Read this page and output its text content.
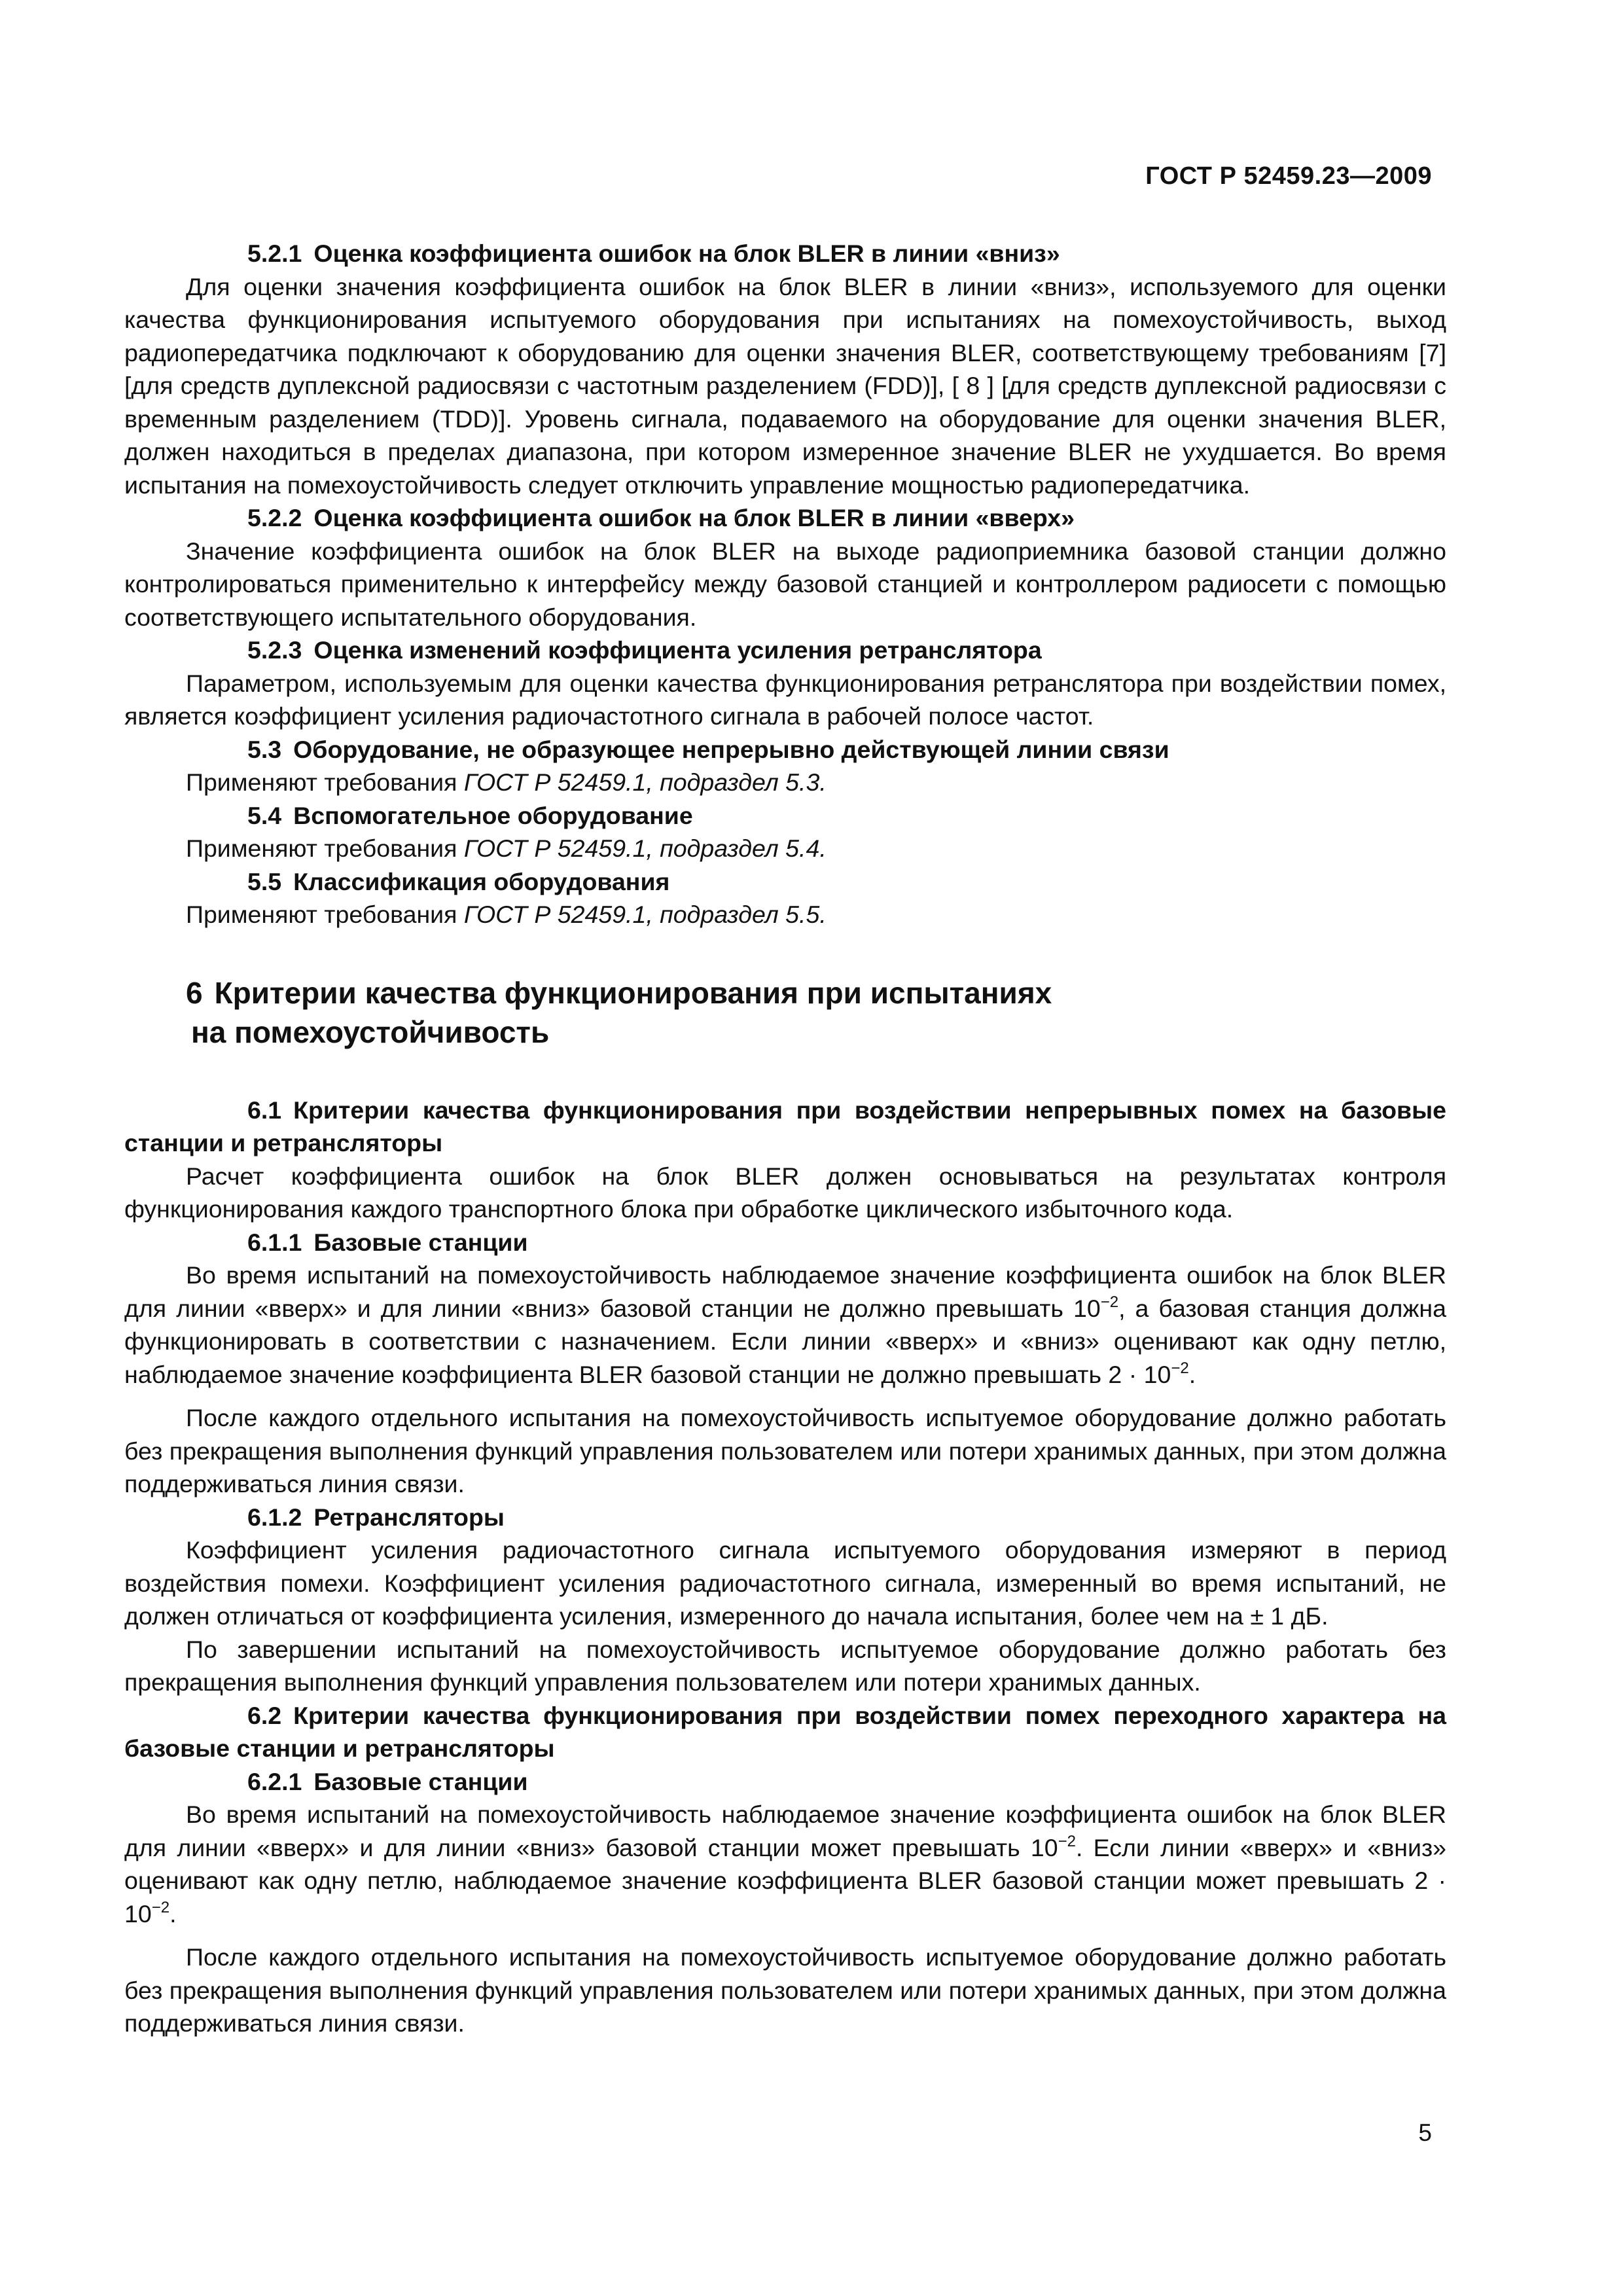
ГОСТ Р 52459.23—2009

5.2.1 Оценка коэффициента ошибок на блок BLER в линии «вниз»

Для оценки значения коэффициента ошибок на блок BLER в линии «вниз», используемого для оценки качества функционирования испытуемого оборудования при испытаниях на помехоустойчивость, выход радиопередатчика подключают к оборудованию для оценки значения BLER, соответствующему требованиям [7] [для средств дуплексной радиосвязи с частотным разделением (FDD)], [ 8 ] [для средств дуплексной радиосвязи с временным разделением (TDD)]. Уровень сигнала, подаваемого на оборудование для оценки значения BLER, должен находиться в пределах диапазона, при котором измеренное значение BLER не ухудшается. Во время испытания на помехоустойчивость следует отключить управление мощностью радиопередатчика.

5.2.2 Оценка коэффициента ошибок на блок BLER в линии «вверх»

Значение коэффициента ошибок на блок BLER на выходе радиоприемника базовой станции должно контролироваться применительно к интерфейсу между базовой станцией и контроллером радиосети с помощью соответствующего испытательного оборудования.

5.2.3 Оценка изменений коэффициента усиления ретранслятора

Параметром, используемым для оценки качества функционирования ретранслятора при воздействии помех, является коэффициент усиления радиочастотного сигнала в рабочей полосе частот.

5.3 Оборудование, не образующее непрерывно действующей линии связи

Применяют требования ГОСТ Р 52459.1, подраздел 5.3.

5.4 Вспомогательное оборудование

Применяют требования ГОСТ Р 52459.1, подраздел 5.4.

5.5 Классификация оборудования

Применяют требования ГОСТ Р 52459.1, подраздел 5.5.

6 Критерии качества функционирования при испытаниях
на помехоустойчивость

6.1 Критерии качества функционирования при воздействии непрерывных помех на базовые станции и ретрансляторы

Расчет коэффициента ошибок на блок BLER должен основываться на результатах контроля функционирования каждого транспортного блока при обработке циклического избыточного кода.

6.1.1 Базовые станции

Во время испытаний на помехоустойчивость наблюдаемое значение коэффициента ошибок на блок BLER для линии «вверх» и для линии «вниз» базовой станции не должно превышать $10^{-2}$, а базовая станция должна функционировать в соответствии с назначением. Если линии «вверх» и «вниз» оценивают как одну петлю, наблюдаемое значение коэффициента BLER базовой станции не должно превышать $2 \cdot 10^{-2}$.

После каждого отдельного испытания на помехоустойчивость испытуемое оборудование должно работать без прекращения выполнения функций управления пользователем или потери хранимых данных, при этом должна поддерживаться линия связи.

6.1.2 Ретрансляторы

Коэффициент усиления радиочастотного сигнала испытуемого оборудования измеряют в период воздействия помехи. Коэффициент усиления радиочастотного сигнала, измеренный во время испытаний, не должен отличаться от коэффициента усиления, измеренного до начала испытания, более чем на ± 1 дБ.

По завершении испытаний на помехоустойчивость испытуемое оборудование должно работать без прекращения выполнения функций управления пользователем или потери хранимых данных.

6.2 Критерии качества функционирования при воздействии помех переходного характера на базовые станции и ретрансляторы

6.2.1 Базовые станции

Во время испытаний на помехоустойчивость наблюдаемое значение коэффициента ошибок на блок BLER для линии «вверх» и для линии «вниз» базовой станции может превышать $10^{-2}$. Если линии «вверх» и «вниз» оценивают как одну петлю, наблюдаемое значение коэффициента BLER базовой станции может превышать $2 \cdot 10^{-2}$.

После каждого отдельного испытания на помехоустойчивость испытуемое оборудование должно работать без прекращения выполнения функций управления пользователем или потери хранимых данных, при этом должна поддерживаться линия связи.

5
